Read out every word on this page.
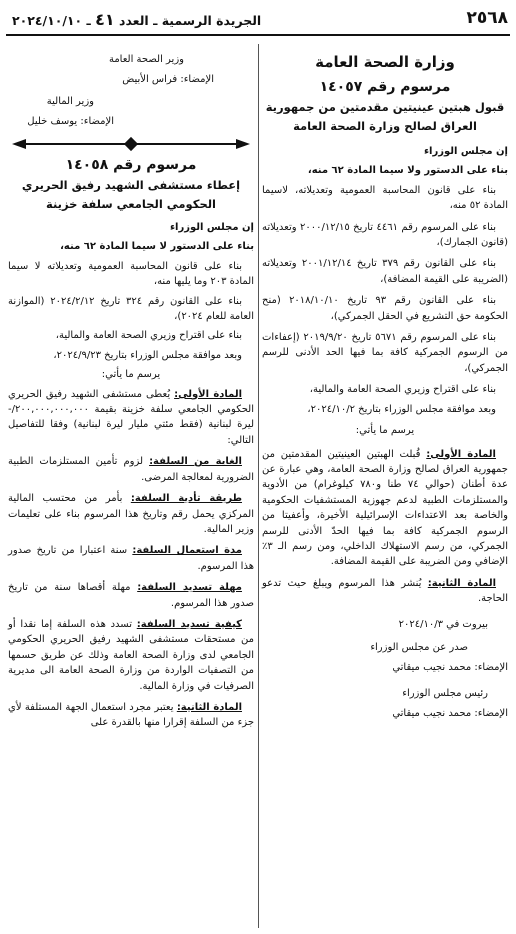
٢٥٦٨
الجريدة الرسمية ـ العدد ٤١ ـ ٢٠٢٤/١٠/١٠
وزارة الصحة العامة
مرسوم رقم ١٤٠٥٧
قبول هبتين عينيتين مقدمتين من جمهورية
العراق لصالح وزارة الصحة العامة

إن مجلس الوزراء

بناء على الدستور ولا سيما المادة ٦٢ منه،

بناء على قانون المحاسبة العمومية وتعديلاته، لاسيما المادة ٥٢ منه،

بناء على المرسوم رقم ٤٤٦١ تاريخ ٢٠٠٠/١٢/١٥ وتعديلاته (قانون الجمارك)،

بناء على القانون رقم ٣٧٩ تاريخ ٢٠٠١/١٢/١٤ وتعديلاته (الضريبة على القيمة المضافة)،

بناء على القانون رقم ٩٣ تاريخ ٢٠١٨/١٠/١٠ (منح الحكومة حق التشريع في الحقل الجمركي)،

بناء على المرسوم رقم ٥٦٧١ تاريخ ٢٠١٩/٩/٢٠ (إعفاءات من الرسوم الجمركية كافة بما فيها الحد الأدنى للرسم الجمركي)،

بناء على اقتراح وزيري الصحة العامة والمالية،

وبعد موافقة مجلس الوزراء بتاريخ ٢٠٢٤/١٠/٢،

يرسم ما يأتي:

المادة الأولى: قُبلت الهبتين العينيتين المقدمتين من جمهورية العراق لصالح وزارة الصحة العامة، وهي عبارة عن عدة أطنان (حوالي ٧٤ طنا و٧٨٠ كيلوغرام) من الأدوية والمستلزمات الطبية لدعم جهوزية المستشفيات الحكومية والخاصة بعد الاعتداءات الإسرائيلية الأخيرة، وأعفيتا من الرسوم الجمركية كافة بما فيها الحدّ الأدنى للرسم الجمركي، من رسم الاستهلاك الداخلي، ومن رسم الـ ٣٪ الإضافي ومن الضريبة على القيمة المضافة.

المادة الثانية: يُنشر هذا المرسوم ويبلغ حيث تدعو الحاجة.

بيروت في ٢٠٢٤/١٠/٣

صدر عن مجلس الوزراء

الإمضاء: محمد نجيب ميقاتي

رئيس مجلس الوزراء

الإمضاء: محمد نجيب ميقاتي

وزير الصحة العامة

الإمضاء: فراس الأبيض

وزير المالية

الإمضاء: يوسف خليل

مرسوم رقم ١٤٠٥٨
إعطاء مستشفى الشهيد رفيق الحريري
الحكومي الجامعي سلفة خزينة

إن مجلس الوزراء

بناء على الدستور لا سيما المادة ٦٢ منه،

بناء على قانون المحاسبة العمومية وتعديلاته لا سيما المادة ٢٠٣ وما يليها منه،

بناء على القانون رقم ٣٢٤ تاريخ ٢٠٢٤/٢/١٢ (الموازنة العامة للعام ٢٠٢٤)،

بناء على اقتراح وزيري الصحة العامة والمالية،

وبعد موافقة مجلس الوزراء بتاريخ ٢٠٢٤/٩/٢٣،

يرسم ما يأتي:

المادة الأولى: يُعطى مستشفى الشهيد رفيق الحريري الحكومي الجامعي سلفة خزينة بقيمة ٢٠٠,٠٠٠,٠٠٠,٠٠٠/- ليرة لبنانية (فقط مئتي مليار ليرة لبنانية) وفقا للتفاصيل التالي:

الغاية من السلفة: لزوم تأمين المستلزمات الطبية الضرورية لمعالجة المرضى.

طريقة تأدية السلفة: بأمر من محتسب المالية المركزي يحمل رقم وتاريخ هذا المرسوم بناء على تعليمات وزير المالية.

مدة استعمال السلفة: سنة اعتبارا من تاريخ صدور هذا المرسوم.

مهلة تسديد السلفة: مهلة أقصاها سنة من تاريخ صدور هذا المرسوم.

كيفية تسديد السلفة: تسدد هذه السلفة إما نقدا أو من مستحقات مستشفى الشهيد رفيق الحريري الحكومي الجامعي لدى وزارة الصحة العامة وذلك عن طريق حسمها من التصفيات الواردة من وزارة الصحة العامة الى مديرية الصرفيات في وزارة المالية.

المادة الثانية: يعتبر مجرد استعمال الجهة المستلفة لأي جزء من السلفة إقرارا منها بالقدرة على
